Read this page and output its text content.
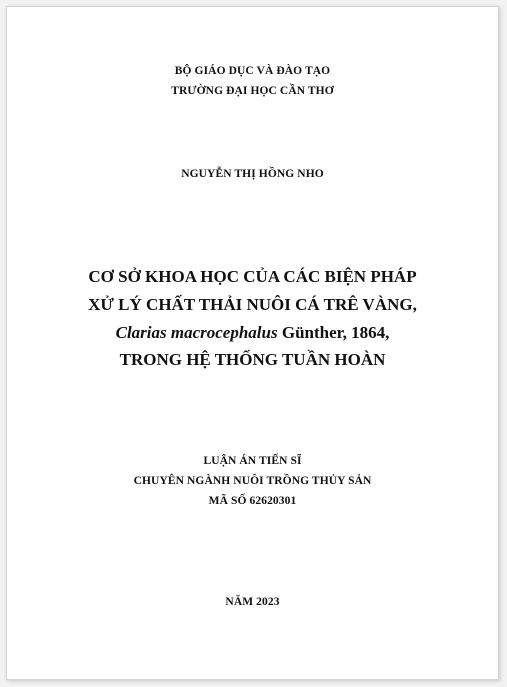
BỘ GIÁO DỤC VÀ ĐÀO TẠO
TRƯỜNG ĐẠI HỌC CẦN THƠ
NGUYỄN THỊ HỒNG NHO
CƠ SỞ KHOA HỌC CỦA CÁC BIỆN PHÁP
XỬ LÝ CHẤT THẢI NUÔI CÁ TRÊ VÀNG,
Clarias macrocephalus Günther, 1864,
TRONG HỆ THỐNG TUẦN HOÀN
LUẬN ÁN TIẾN SĨ
CHUYÊN NGÀNH NUÔI TRỒNG THỦY SẢN
MÃ SỐ 62620301
NĂM 2023
